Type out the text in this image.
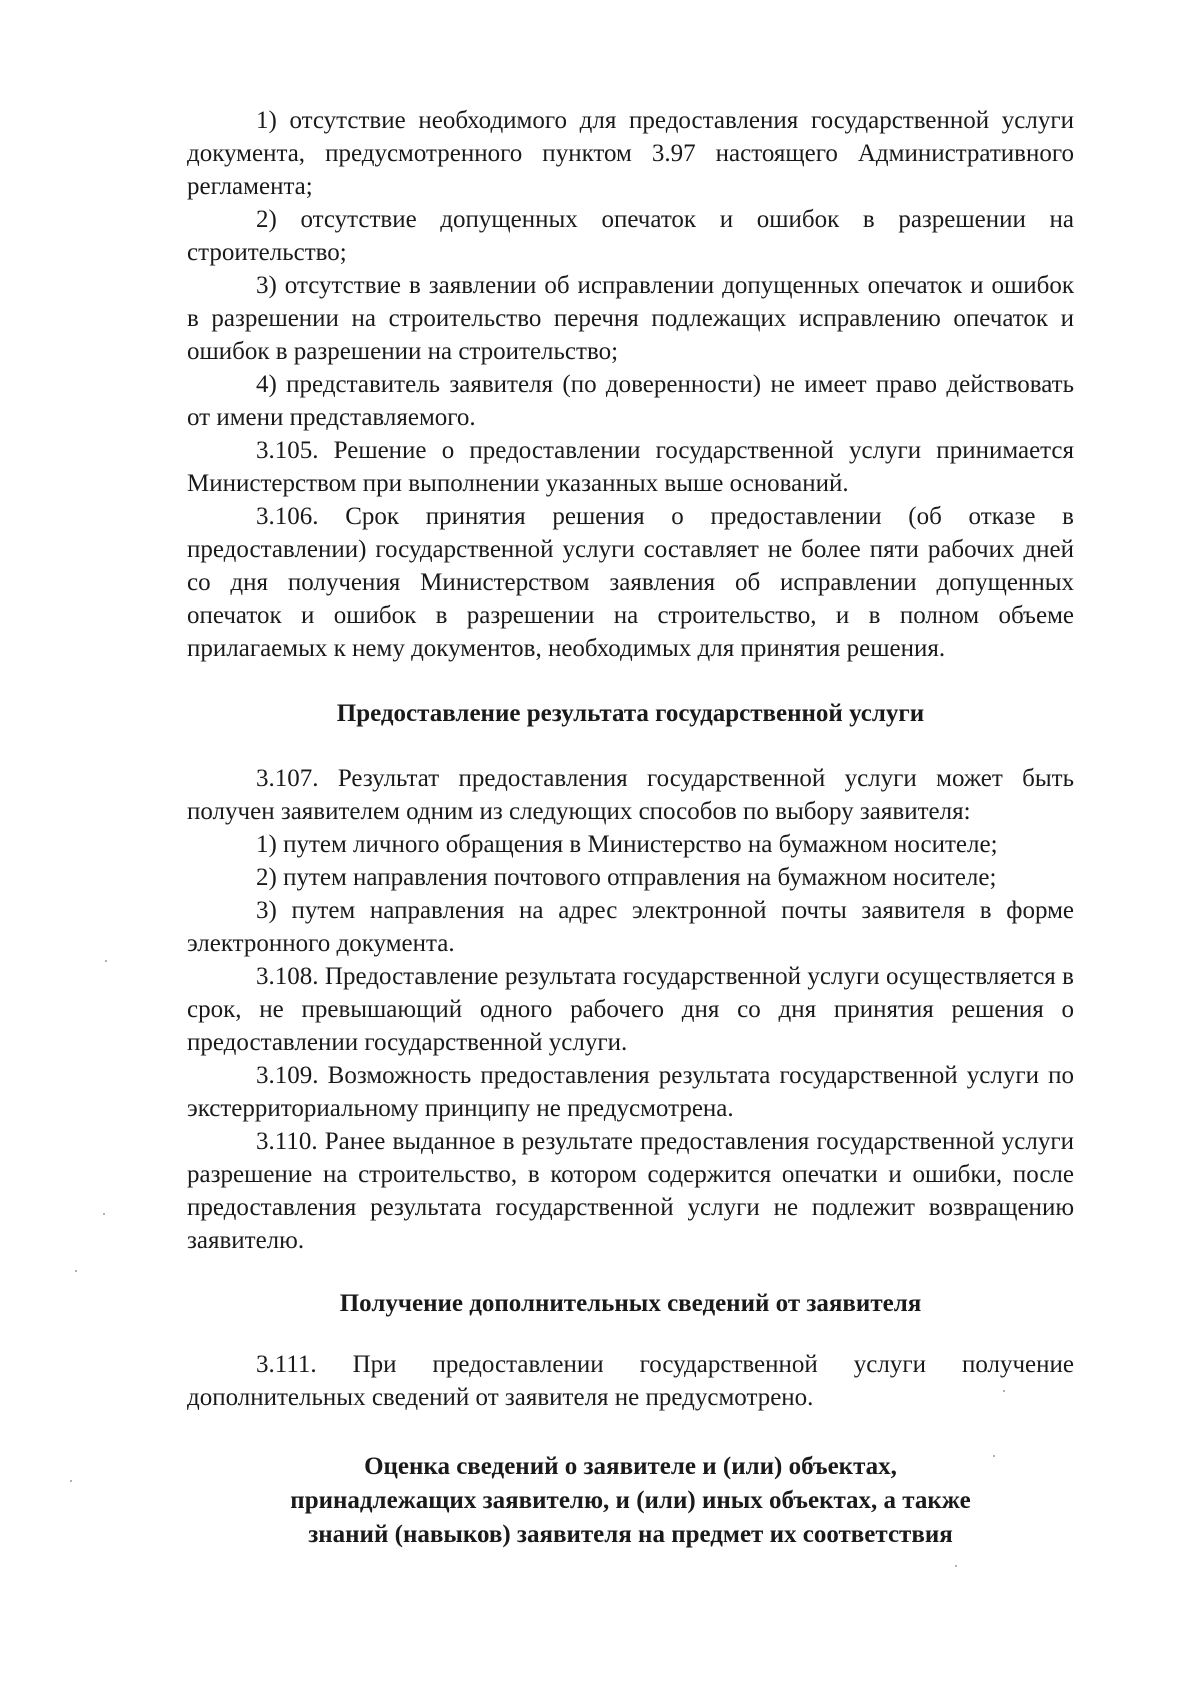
1) отсутствие необходимого для предоставления государственной услуги документа, предусмотренного пунктом 3.97 настоящего Административного регламента;

2) отсутствие допущенных опечаток и ошибок в разрешении на строительство;

3) отсутствие в заявлении об исправлении допущенных опечаток и ошибок в разрешении на строительство перечня подлежащих исправлению опечаток и ошибок в разрешении на строительство;

4) представитель заявителя (по доверенности) не имеет право действовать от имени представляемого.

3.105. Решение о предоставлении государственной услуги принимается Министерством при выполнении указанных выше оснований.

3.106. Срок принятия решения о предоставлении (об отказе в предоставлении) государственной услуги составляет не более пяти рабочих дней со дня получения Министерством заявления об исправлении допущенных опечаток и ошибок в разрешении на строительство, и в полном объеме прилагаемых к нему документов, необходимых для принятия решения.

Предоставление результата государственной услуги

3.107. Результат предоставления государственной услуги может быть получен заявителем одним из следующих способов по выбору заявителя:

1) путем личного обращения в Министерство на бумажном носителе;

2) путем направления почтового отправления на бумажном носителе;

3) путем направления на адрес электронной почты заявителя в форме электронного документа.

3.108. Предоставление результата государственной услуги осуществляется в срок, не превышающий одного рабочего дня со дня принятия решения о предоставлении государственной услуги.

3.109. Возможность предоставления результата государственной услуги по экстерриториальному принципу не предусмотрена.

3.110. Ранее выданное в результате предоставления государственной услуги разрешение на строительство, в котором содержится опечатки и ошибки, после предоставления результата государственной услуги не подлежит возвращению заявителю.

Получение дополнительных сведений от заявителя

3.111. При предоставлении государственной услуги получение дополнительных сведений от заявителя не предусмотрено.

Оценка сведений о заявителе и (или) объектах,

принадлежащих заявителю, и (или) иных объектах, а также

знаний (навыков) заявителя на предмет их соответствия
